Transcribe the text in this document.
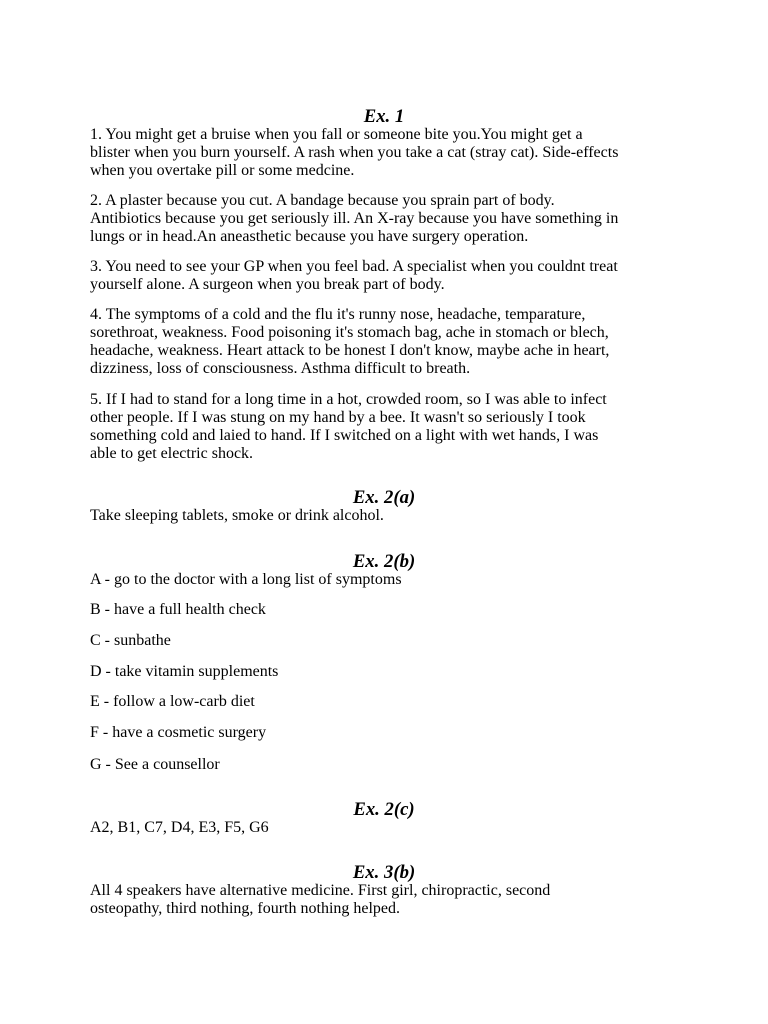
Ex. 1

1. You might get a bruise when you fall or someone bite you.You might get a
blister when you burn yourself. A rash when you take a cat (stray cat). Side-effects
when you overtake pill or some medcine.

2. A plaster because you cut. A bandage because you sprain part of body.
Antibiotics because you get seriously ill. An X-ray because you have something in
lungs or in head.An aneasthetic because you have surgery operation.

3. You need to see your GP when you feel bad. A specialist when you couldnt treat
yourself alone. A surgeon when you break part of body.

4. The symptoms of a cold and the flu it's runny nose, headache, temparature,
sorethroat, weakness. Food poisoning it's stomach bag, ache in stomach or blech,
headache, weakness. Heart attack to be honest I don't know, maybe ache in heart,
dizziness, loss of consciousness. Asthma difficult to breath.

5. If I had to stand for a long time in a hot, crowded room, so I was able to infect
other people. If I was stung on my hand by a bee. It wasn't so seriously I took
something cold and laied to hand. If I switched on a light with wet hands, I was
able to get electric shock.

Ex. 2(a)

Take sleeping tablets, smoke or drink alcohol.

Ex. 2(b)

A - go to the doctor with a long list of symptoms

B - have a full health check

C - sunbathe

D - take vitamin supplements

E - follow a low-carb diet

F - have a cosmetic surgery

G - See a counsellor

Ex. 2(c)

A2, B1, C7, D4, E3, F5, G6

Ex. 3(b)

All 4 speakers have alternative medicine. First girl, chiropractic, second
osteopathy, third nothing, fourth nothing helped.
